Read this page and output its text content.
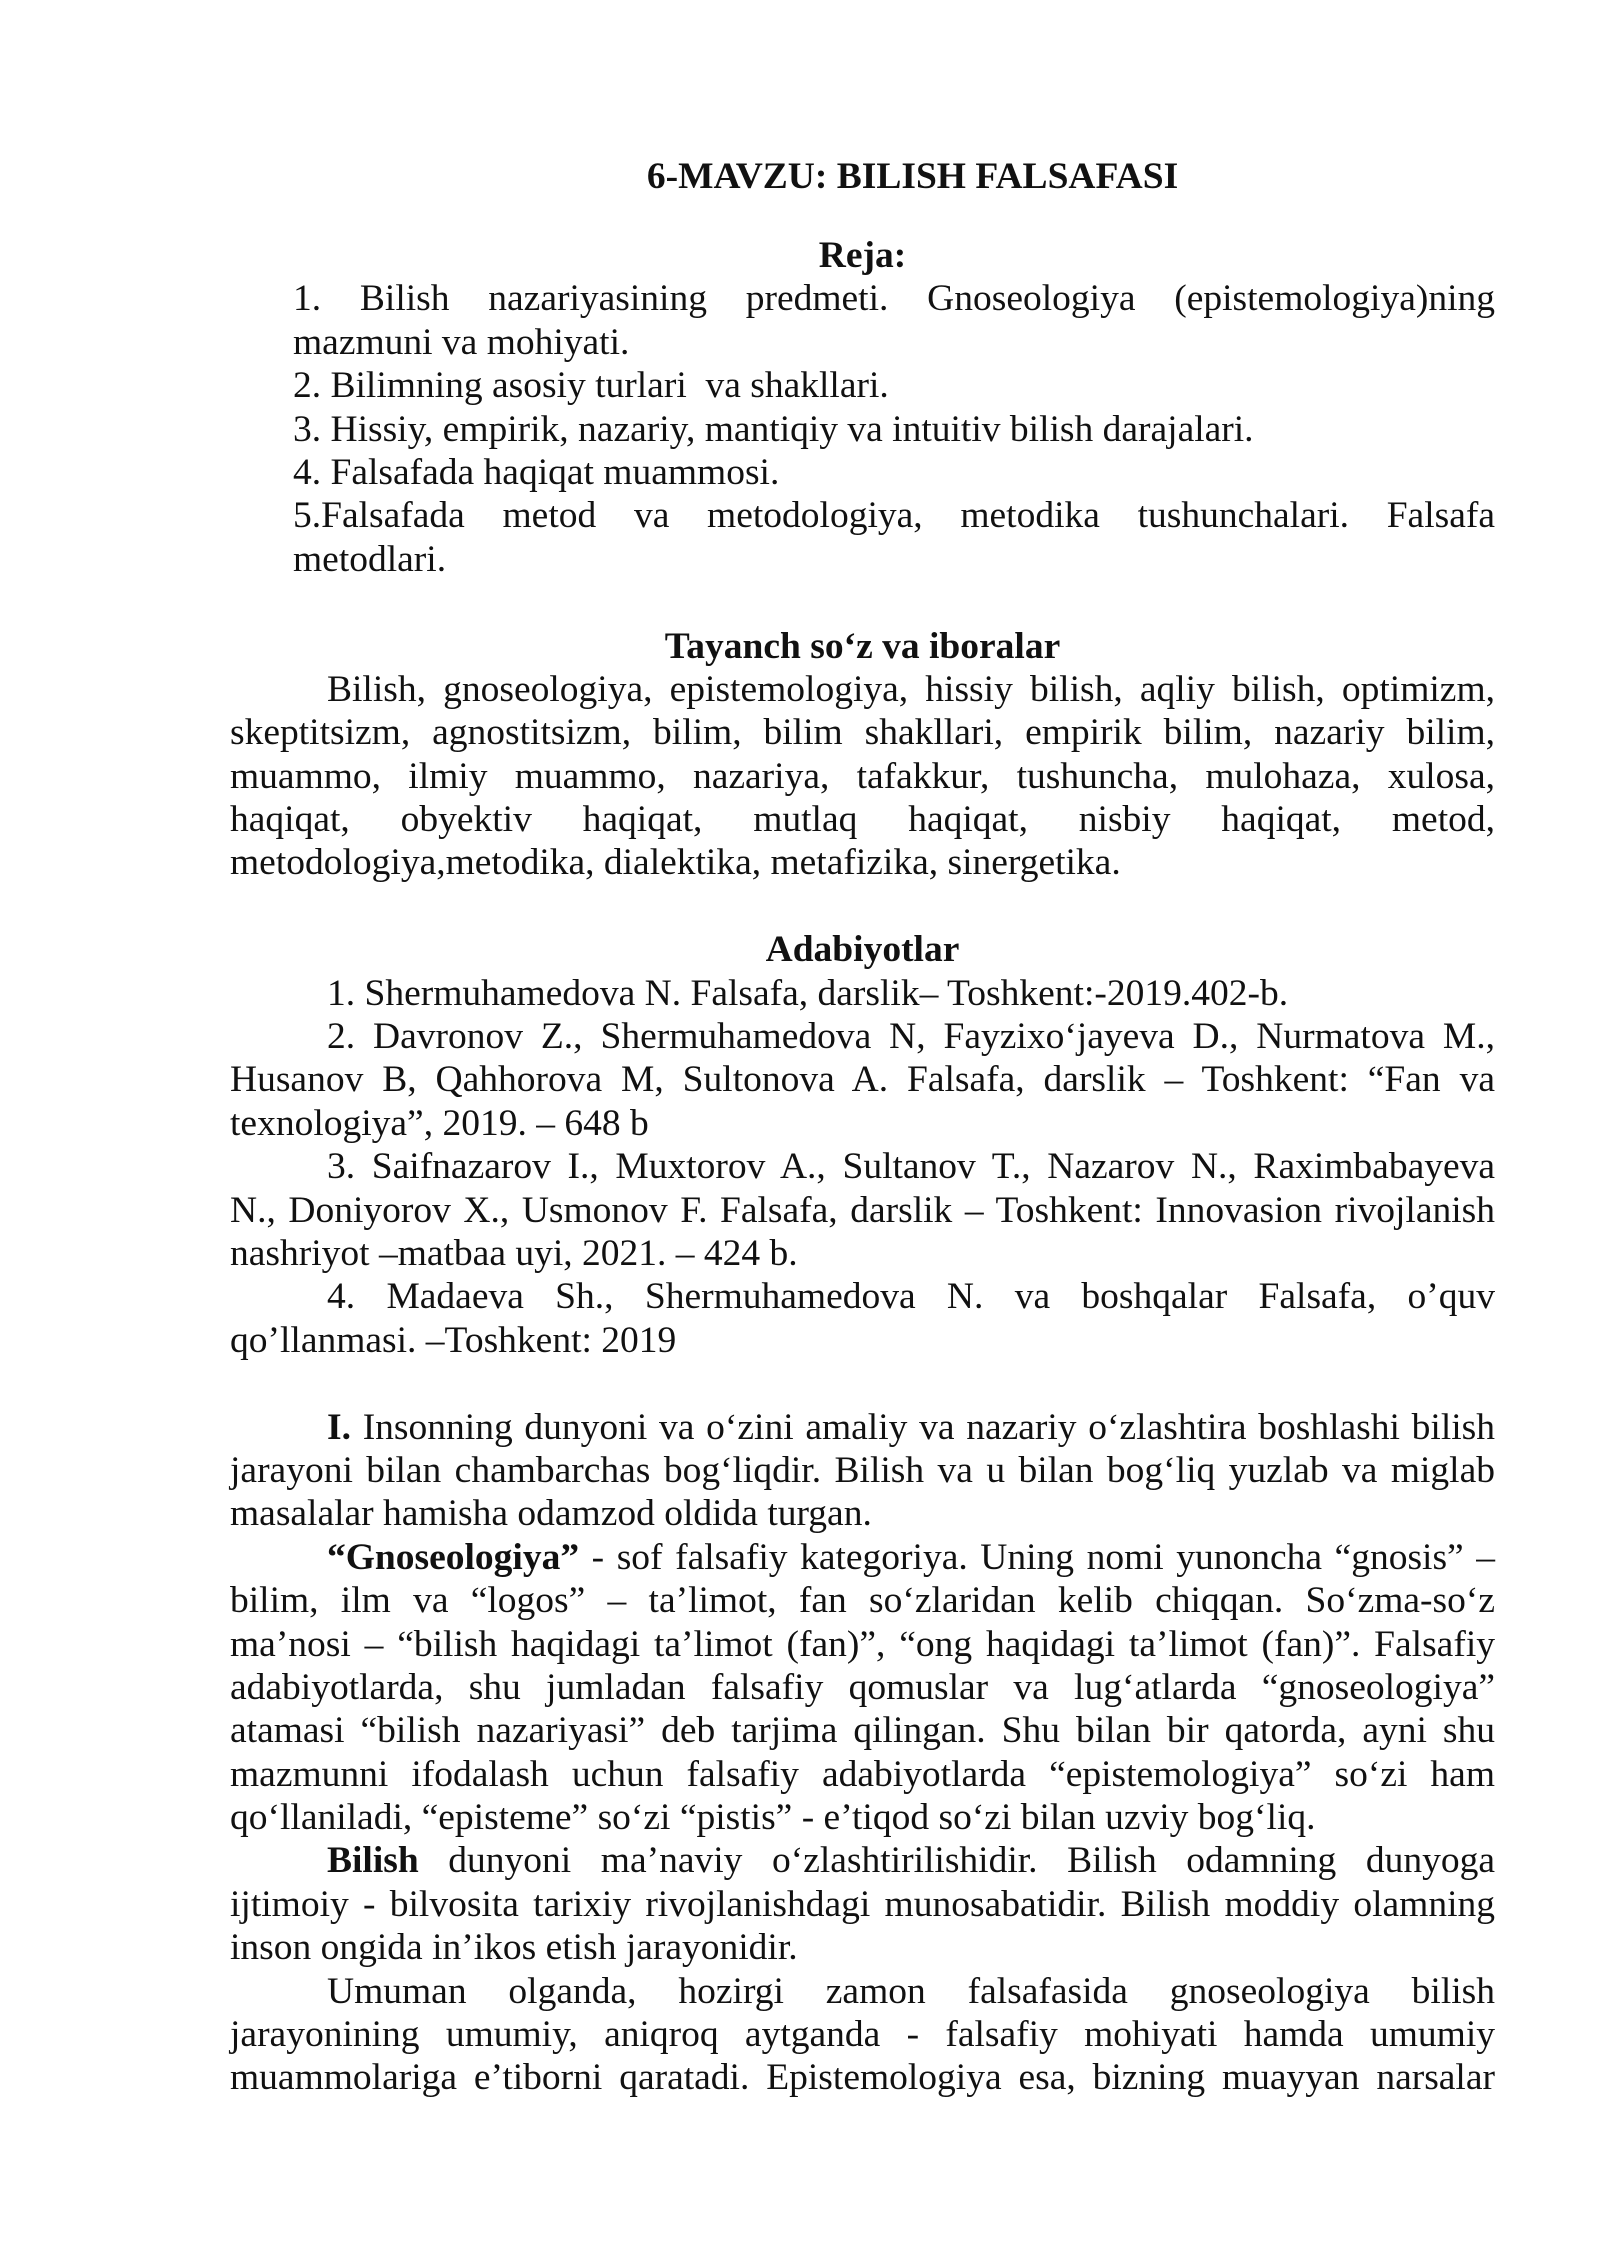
6-MAVZU: BILISH FALSAFASI
Reja:
1. Bilish nazariyasining predmeti. Gnoseologiya (epistemologiya)ning
mazmuni va mohiyati.
2. Bilimning asosiy turlari  va shakllari.
3. Hissiy, empirik, nazariy, mantiqiy va intuitiv bilish darajalari.
4. Falsafada haqiqat muammosi.
5.Falsafada metod va metodologiya, metodika tushunchalari. Falsafa
metodlari.
Tayanch so‘z va iboralar
Bilish, gnoseologiya, epistemologiya, hissiy bilish, aqliy bilish, optimizm,
skeptitsizm, agnostitsizm, bilim, bilim shakllari, empirik bilim, nazariy bilim,
muammo, ilmiy muammo, nazariya, tafakkur, tushuncha, mulohaza, xulosa,
haqiqat, obyektiv haqiqat, mutlaq haqiqat, nisbiy haqiqat, metod,
metodologiya,metodika, dialektika, metafizika, sinergetika.
Adabiyotlar
1. Shermuhamedova N. Falsafa, darslik– Toshkent:-2019.402-b.
2. Davronov Z., Shermuhamedova N, Fayzixo‘jayeva D., Nurmatova M.,
Husanov B, Qahhorova M, Sultonova A. Falsafa, darslik – Toshkent: “Fan va
texnologiya”, 2019. – 648 b
3. Saifnazarov I., Muxtorov A., Sultanov T., Nazarov N., Raximbabayeva
N., Doniyorov X., Usmonov F. Falsafa, darslik – Toshkent: Innovasion rivojlanish
nashriyot –matbaa uyi, 2021. – 424 b.
4. Madaeva Sh., Shermuhamedova N. va boshqalar Falsafa, o’quv
qo’llanmasi. –Toshkent: 2019
I. Insonning dunyoni va o‘zini amaliy va nazariy o‘zlashtira boshlashi bilish
jarayoni bilan chambarchas bog‘liqdir. Bilish va u bilan bog‘liq yuzlab va miglab
masalalar hamisha odamzod oldida turgan.
“Gnoseologiya” - sof falsafiy kategoriya. Uning nomi yunoncha “gnosis” –
bilim, ilm va “logos” – ta’limot, fan so‘zlaridan kelib chiqqan. So‘zma-so‘z
ma’nosi – “bilish haqidagi ta’limot (fan)”, “ong haqidagi ta’limot (fan)”. Falsafiy
adabiyotlarda, shu jumladan falsafiy qomuslar va lug‘atlarda “gnoseologiya”
atamasi “bilish nazariyasi” deb tarjima qilingan. Shu bilan bir qatorda, ayni shu
mazmunni ifodalash uchun falsafiy adabiyotlarda “epistemologiya” so‘zi ham
qo‘llaniladi, “episteme” so‘zi “pistis” - e’tiqod so‘zi bilan uzviy bog‘liq.
Bilish dunyoni ma’naviy o‘zlashtirilishidir. Bilish odamning dunyoga
ijtimoiy - bilvosita tarixiy rivojlanishdagi munosabatidir. Bilish moddiy olamning
inson ongida in’ikos etish jarayonidir.
Umuman olganda, hozirgi zamon falsafasida gnoseologiya bilish
jarayonining umumiy, aniqroq aytganda - falsafiy mohiyati hamda umumiy
muammolariga e’tiborni qaratadi. Epistemologiya esa, bizning muayyan narsalar
